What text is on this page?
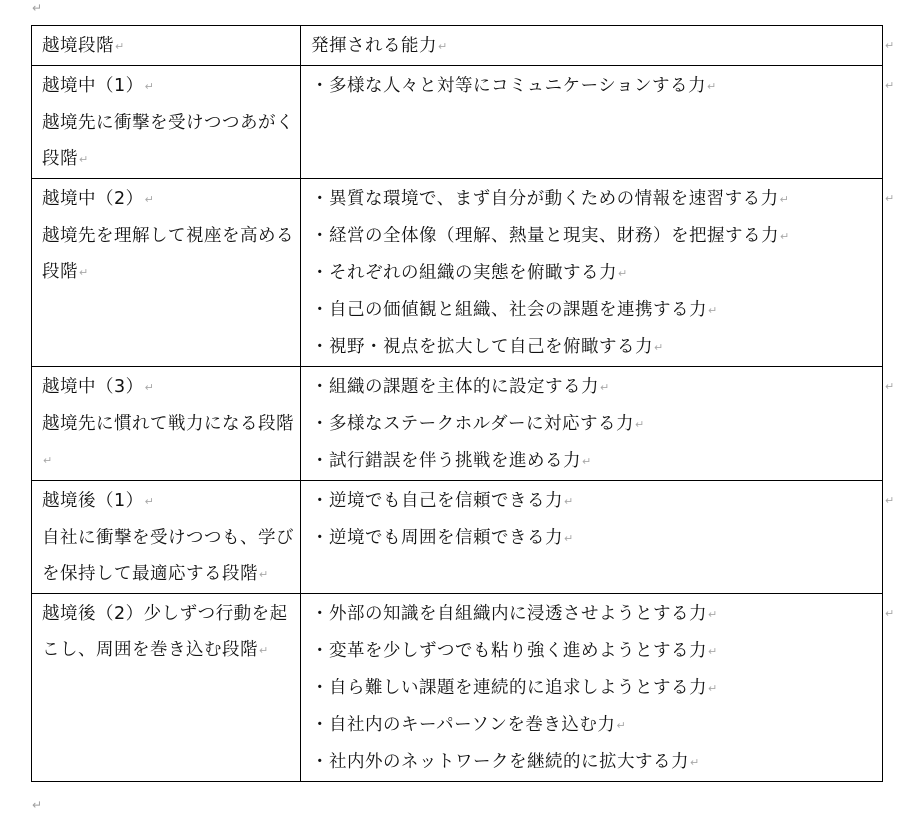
↵
越境段階↵	発揮される能力↵

越境中（1）↵
越境先に衝撃を受けつつあがく段階↵	・多様な人々と対等にコミュニケーションする力↵

越境中（2）↵
越境先を理解して視座を高める段階↵	・異質な環境で、まず自分が動くための情報を速習する力↵
・経営の全体像（理解、熱量と現実、財務）を把握する力↵
・それぞれの組織の実態を俯瞰する力↵
・自己の価値観と組織、社会の課題を連携する力↵
・視野・視点を拡大して自己を俯瞰する力↵

越境中（3）↵
越境先に慣れて戦力になる段階↵	・組織の課題を主体的に設定する力↵
・多様なステークホルダーに対応する力↵
・試行錯誤を伴う挑戦を進める力↵

越境後（1）↵
自社に衝撃を受けつつも、学びを保持して最適応する段階↵	・逆境でも自己を信頼できる力↵
・逆境でも周囲を信頼できる力↵

越境後（2）少しずつ行動を起こし、周囲を巻き込む段階↵	・外部の知識を自組織内に浸透させようとする力↵
・変革を少しずつでも粘り強く進めようとする力↵
・自ら難しい課題を連続的に追求しようとする力↵
・自社内のキーパーソンを巻き込む力↵
・社内外のネットワークを継続的に拡大する力↵
↵
↵
↵
↵
↵
↵
↵
